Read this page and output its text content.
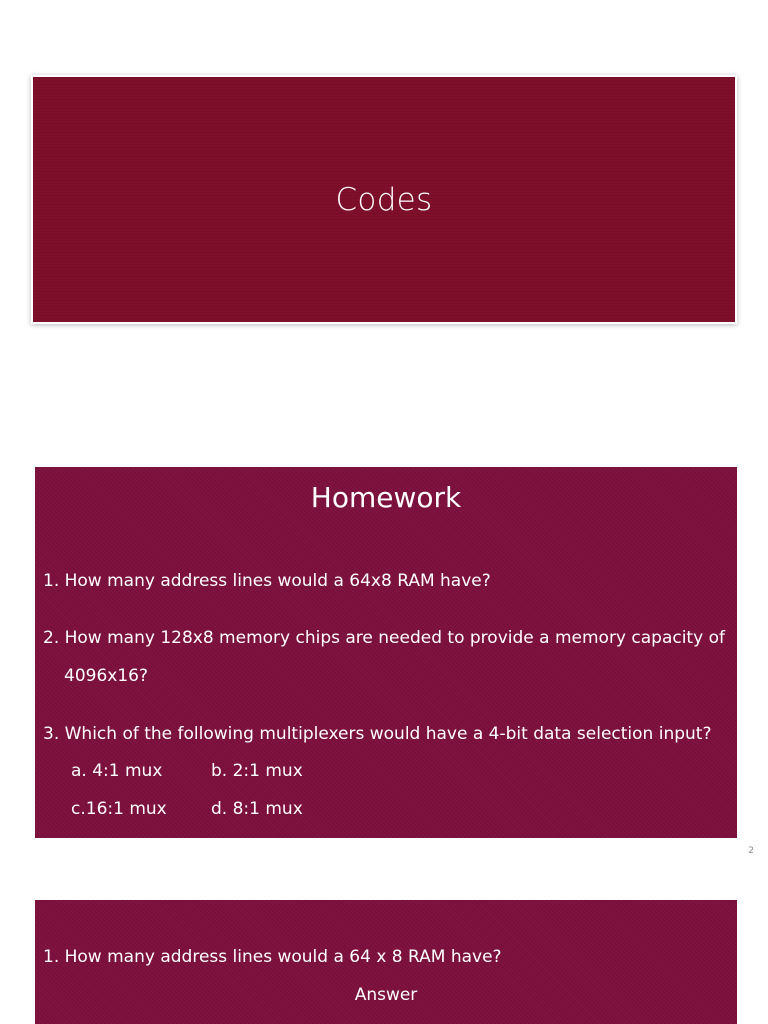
Codes
Homework
1. How many address lines would a 64x8 RAM have?
2. How many 128x8 memory chips are needed to provide a memory capacity of
4096x16?
3. Which of the following multiplexers would have a 4-bit data selection input?
a. 4:1 mux	b. 2:1 mux
c.16:1 mux	d. 8:1 mux
2
1. How many address lines would a 64 x 8 RAM have?
Answer
